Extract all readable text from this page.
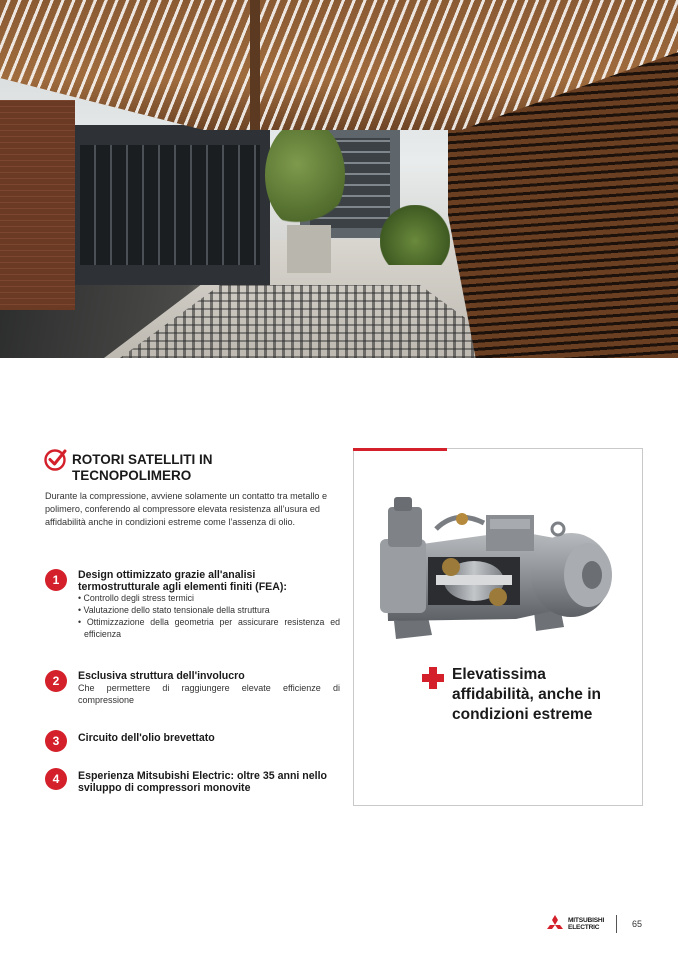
ROTORI SATELLITI IN
TECNOPOLIMERO
Durante la compressione, avviene solamente un contatto tra metallo e polimero, conferendo al compressore elevata resistenza all’usura ed affidabilità anche in condizioni estreme come l’assenza di olio.
1	Design ottimizzato grazie all'analisi termostrutturale agli elementi finiti (FEA):
• Controllo degli stress termici
• Valutazione dello stato tensionale della struttura
• Ottimizzazione della geometria per assicurare resistenza ed efficienza
2	Esclusiva struttura dell'involucro
Che permettere di raggiungere elevate efficienze di compressione
3	Circuito dell'olio brevettato
4	Esperienza Mitsubishi Electric: oltre 35 anni nello sviluppo di compressori monovite
Elevatissima affidabilità, anche in condizioni estreme
MITSUBISHI
ELECTRIC	65
